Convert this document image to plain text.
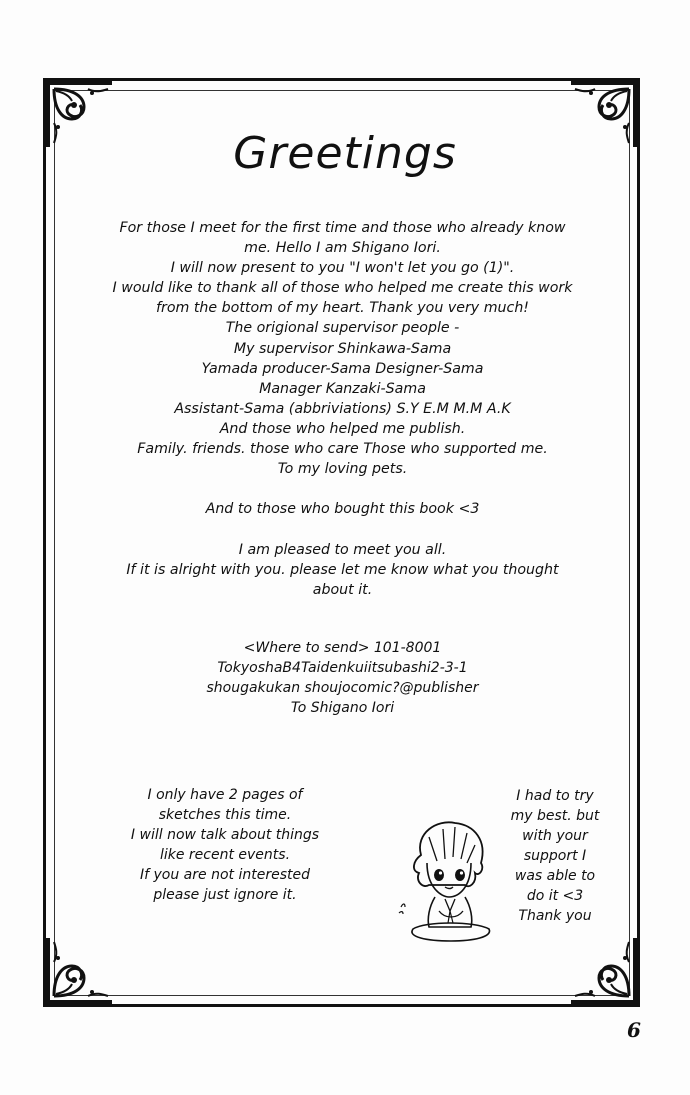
Greetings
For those I meet for the first time and those who already know
me. Hello I am Shigano Iori.
I will now present to you "I won't let you go (1)".
I would like to thank all of those who helped me create this work
from the bottom of my heart. Thank you very much!
The origional supervisor people -
My supervisor Shinkawa-Sama
Yamada producer-Sama Designer-Sama
Manager Kanzaki-Sama
Assistant-Sama (abbriviations) S.Y E.M M.M A.K
And those who helped me publish.
Family. friends. those who care Those who supported me.
To my loving pets.
And to those who bought this book <3
I am pleased to meet you all.
If it is alright with you. please let me know what you thought
about it.
<Where to send> 101-8001
TokyoshaB4Taidenkuiitsubashi2-3-1
shougakukan shoujocomic?@publisher
To Shigano Iori
I only have 2 pages of
sketches this time.
I will now talk about things
like recent events.
If you are not interested
please just ignore it.
I had to try
my best. but
with your
support I
was able to
do it <3
Thank you
6
